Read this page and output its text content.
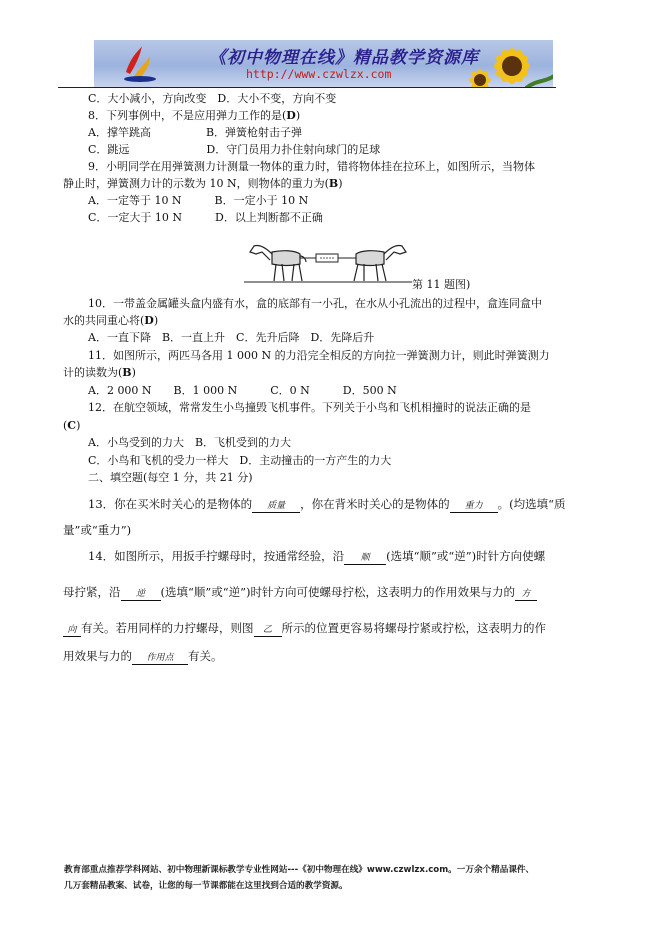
《初中物理在线》精品教学资源库
http://www.czwlzx.com
C．大小减小，方向改变　D．大小不变，方向不变
8．下列事例中，不是应用弹力工作的是(D)
A．撑竿跳高　　　　　B．弹簧枪射击子弹
C．跳远　　　　　　　D．守门员用力扑住射向球门的足球
9．小明同学在用弹簧测力计测量一物体的重力时，错将物体挂在拉环上，如图所示，当物体
静止时，弹簧测力计的示数为 10 N，则物体的重力为(B)
A．一定等于 10 N　　　B．一定小于 10 N
C．一定大于 10 N　　　D．以上判断都不正确
第 11 题图)
10．一带盖金属罐头盒内盛有水，盒的底部有一小孔，在水从小孔流出的过程中，盒连同盒中
水的共同重心将(D)
A．一直下降　B．一直上升　C．先升后降　D．先降后升
11．如图所示，两匹马各用 1 000 N 的力沿完全相反的方向拉一弹簧测力计，则此时弹簧测力
计的读数为(B)
A．2 000 N　　B．1 000 N　　　C．0 N　　　D．500 N
12．在航空领域，常常发生小鸟撞毁飞机事件。下列关于小鸟和飞机相撞时的说法正确的是
(C)
A．小鸟受到的力大　B．飞机受到的力大
C．小鸟和飞机的受力一样大　D．主动撞击的一方产生的力大
二、填空题(每空 1 分，共 21 分)
13．你在买米时关心的是物体的 质量 ，你在背米时关心的是物体的 重力 。(均选填“质
量”或“重力”)
14．如图所示，用扳手拧螺母时，按通常经验，沿 顺 (选填“顺”或“逆”)时针方向使螺
母拧紧，沿 逆 (选填“顺”或“逆”)时针方向可使螺母拧松，这表明力的作用效果与力的 方
向 有关。若用同样的力拧螺母，则图 乙 所示的位置更容易将螺母拧紧或拧松，这表明力的作
用效果与力的 作用点 有关。
教育部重点推荐学科网站、初中物理新课标教学专业性网站---《初中物理在线》www.czwlzx.com。一万余个精品课件、
几万套精品教案、试卷，让您的每一节课都能在这里找到合适的教学资源。
